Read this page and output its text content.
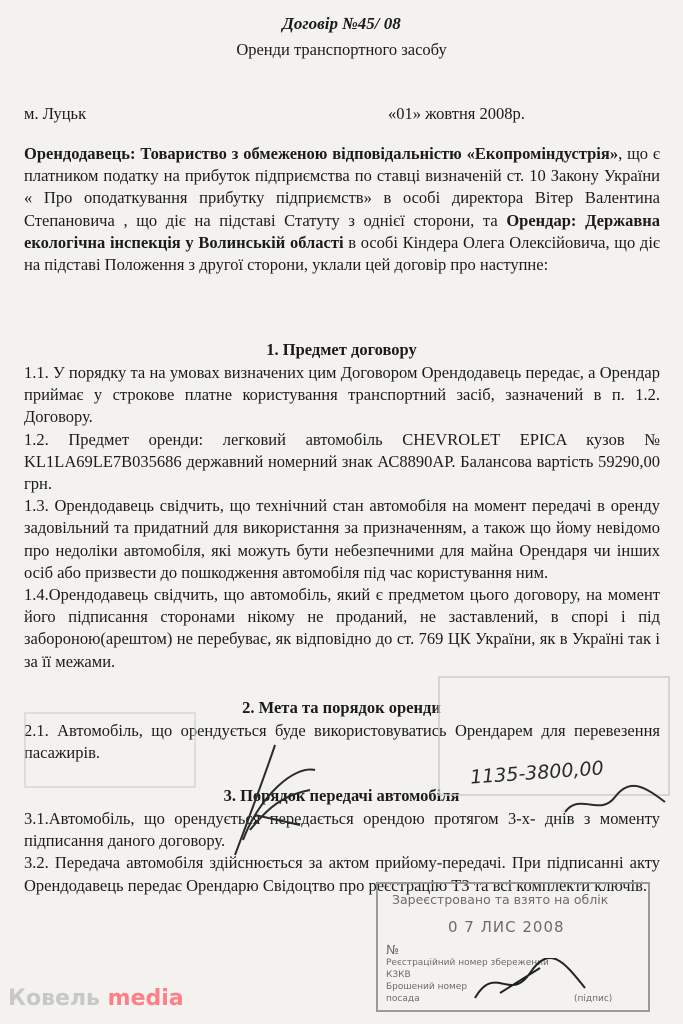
Договір №45/ 08
Оренди транспортного засобу
м. Луцьк	«01» жовтня 2008р.
Орендодавець: Товариство з обмеженою відповідальністю «Екопроміндустрія», що є платником податку на прибуток підприємства по ставці визначеній ст. 10 Закону України « Про оподаткування прибутку підприємств» в особі директора Вітер Валентина Степановича , що діє на підставі Статуту з однієї сторони, та Орендар: Державна екологічна інспекція у Волинській області в особі Кіндера Олега Олексійовича, що діє на підставі Положення з другої сторони, уклали цей договір про наступне:
1. Предмет договору
1.1. У порядку та на умовах визначених цим Договором Орендодавець передає, а Орендар приймає у строкове платне користування транспортний засіб, зазначений в п. 1.2. Договору.
1.2. Предмет оренди: легковий автомобіль CHEVROLET EPICA кузов № KL1LA69LE7B035686 державний номерний знак АС8890АР. Балансова вартість 59290,00 грн.
1.3. Орендодавець свідчить, що технічний стан автомобіля на момент передачі в оренду задовільний та придатний для використання за призначенням, а також що йому невідомо про недоліки автомобіля, які можуть бути небезпечними для майна Орендаря чи інших осіб або призвести до пошкодження автомобіля під час користування ним.
1.4.Орендодавець свідчить, що автомобіль, який є предметом цього договору, на момент його підписання сторонами нікому не проданий, не заставлений, в спорі і під забороною(арештом) не перебуває, як відповідно до ст. 769 ЦК України, як в Україні так і за її межами.
2. Мета та порядок оренди
2.1. Автомобіль, що орендується буде використовуватись Орендарем для перевезення пасажирів.
3. Порядок передачі автомобіля
3.1.Автомобіль, що орендується передається орендою протягом 3-х- днів з моменту підписання даного договору.
3.2. Передача автомобіля здійснюється за актом прийому-передачі. При підписанні акту Орендодавець передає Орендарю Свідоцтво про реєстрацію ТЗ та всі комплекти ключів.
Зареєстровано та взято на облік
0 7 ЛИС 2008
№
Реєстраційний номер збережений
КЗКВ
Брошений номер
посада	(підпис)
1135-3800,00
Ковель media
